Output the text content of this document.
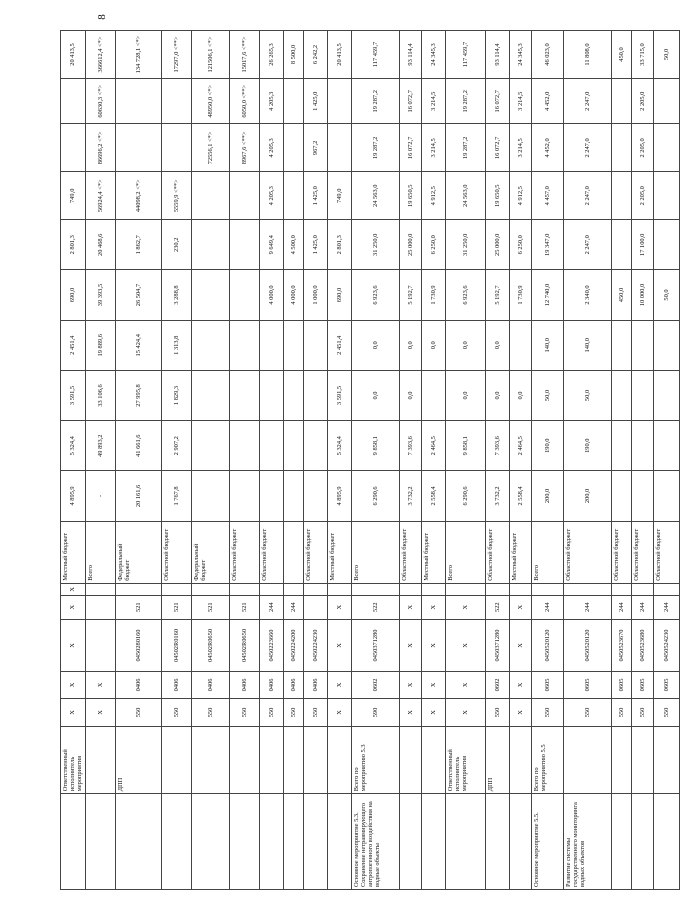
8
	Ответственный исполнитель мероприятия	X	X	X	X	X	Местный бюджет	4 895,9	5 324,4	3 591,5	2 451,4	690,0	2 801,3	749,0			20 413,5
		X	X				Всего	-	49 893,2	33 106,6	19 889,6	39 393,5	20 468,6	56924,4 <*>	86696,2 <*>	60630,3 <*>	366612,4 <*>
	ДПП	550	0406	0450280160	521		Федеральный бюджет	20 161,6	41 661,6	27 995,8	15 424,4	26 504,7	1 862,7	44098,2 <*>			134 728,1 <*>
		550	0406	04502R0160	521		Областной бюджет	1 767,8	2 907,2	1 829,3	1 313,8	3 288,8	230,2	5559,9 <**>			17297,0 <**>
		550	0406	04502R0650	521		Федеральный бюджет								72556,1 <*>	48950,0 <*>	121506,1 <*>
		550	0406	04502R0650	521		Областной бюджет								8967,6 <**>	6050,0 <**>	15017,6 <**>
		550	0406	0450223660	244		Областной бюджет					4 000,0	9 649,4	4 205,3	4 205,3	4 205,3	26 265,3
		550	0406	0450224200	244							4 000,0	4 500,0				8 500,0
		550	0406	0450224230			Областной бюджет					1 000,0	1 425,0	1 425,0	967,2	1 425,0	6 242,2
		X	X	X	X		Местный бюджет	4 895,9	5 324,4	3 591,5	2 451,4	690,0	2 801,3	749,0			20 413,5
Основное мероприятие 5.3. Сохранение нетравмирующего антропогенного воздействия на водные объекты	Всего по мероприятию 5.3	590	0602	0450371280	522		Всего	6 290,6	9 858,1	0,0	0,0	6 923,6	31 250,0	24 563,0	19 287,2	19 287,2	117 459,7
		X	X	X	X		Областной бюджет	3 732,2	7 393,6	0,0	0,0	5 192,7	25 000,0	19 650,5	16 072,7	16 072,7	93 114,4
		X	X	X	X		Местный бюджет	2 558,4	2 464,5		0,0	1 730,9	6 250,0	4 912,5	3 214,5	3 214,5	24 345,3
	Ответственный исполнитель мероприятия	X	X	X	X		Всего	6 290,6	9 858,1	0,0	0,0	6 923,6	31 250,0	24 563,0	19 287,2	19 287,2	117 459,7
	ДПП	550	0602	0450371280	522		Областной бюджет	3 732,2	7 393,6	0,0	0,0	5 192,7	25 000,0	19 650,5	16 072,7	16 072,7	93 114,4
		X	X	X	X		Местный бюджет	2 558,4	2 464,5	0,0		1 730,9	6 250,0	4 912,5	3 214,5	3 214,5	24 345,3
Основное мероприятие 5.5.	Всего по мероприятию 5.5	550	0605	0450520120	244		Всего	200,0	190,0	50,0	140,0	12 740,0	19 347,0	4 457,0	4 452,0	4 452,0	46 023,0
Развитие системы государственного мониторинга водных объектов		550	0605	0450520120	244		Областной бюджет	200,0	190,0	50,0	140,0	2 340,0	2 247,0	2 247,0	2 247,0	2 247,0	11 808,0
		550	0605	0450523670	244		Областной бюджет					450,0					450,0
		550	0605	0450523680	244		Областной бюджет					10 000,0	17 100,0	2 205,0	2 205,0	2 205,0	33 715,0
		550	0605	0450524230	244		Областной бюджет					50,0					50,0
